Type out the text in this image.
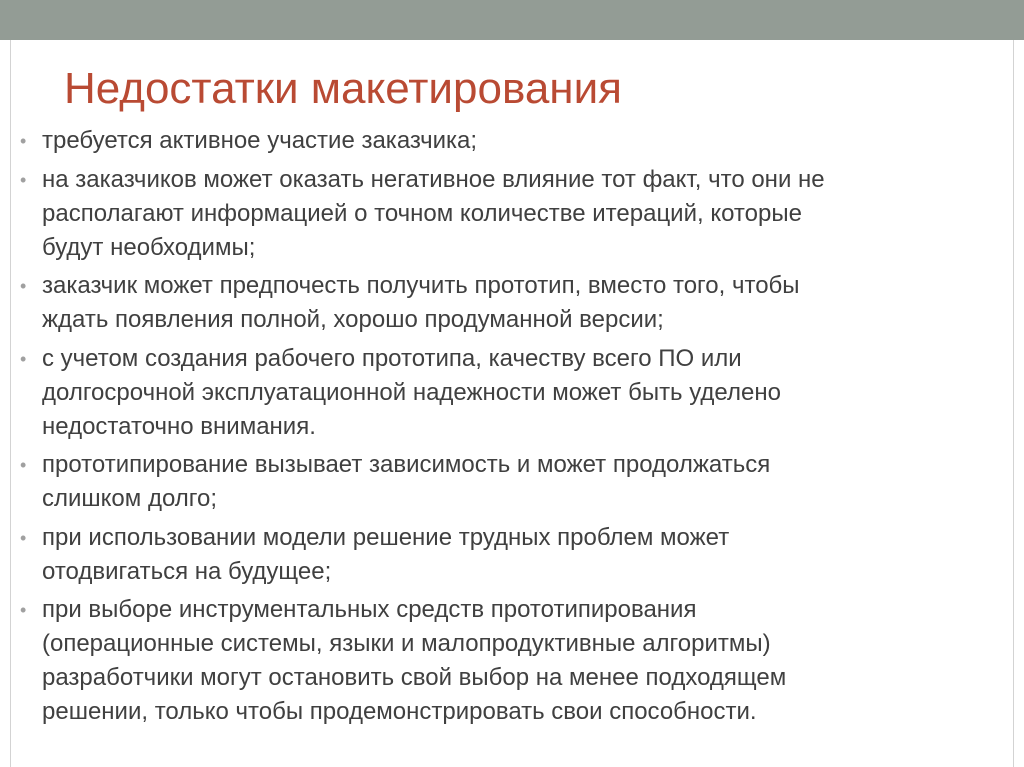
Недостатки макетирования
• требуется активное участие заказчика;
• на заказчиков может оказать негативное влияние тот факт, что они не
располагают информацией о точном количестве итераций, которые
будут необходимы;
• заказчик может предпочесть получить прототип, вместо того, чтобы
ждать появления полной, хорошо продуманной версии;
• с учетом создания рабочего прототипа, качеству всего ПО или
долгосрочной эксплуатационной надежности может быть уделено
недостаточно внимания.
• прототипирование вызывает зависимость и может продолжаться
слишком долго;
• при использовании модели решение трудных проблем может
отодвигаться на будущее;
• при выборе инструментальных средств прототипирования
(операционные системы, языки и малопродуктивные алгоритмы)
разработчики могут остановить свой выбор на менее подходящем
решении, только чтобы продемонстрировать свои способности.
